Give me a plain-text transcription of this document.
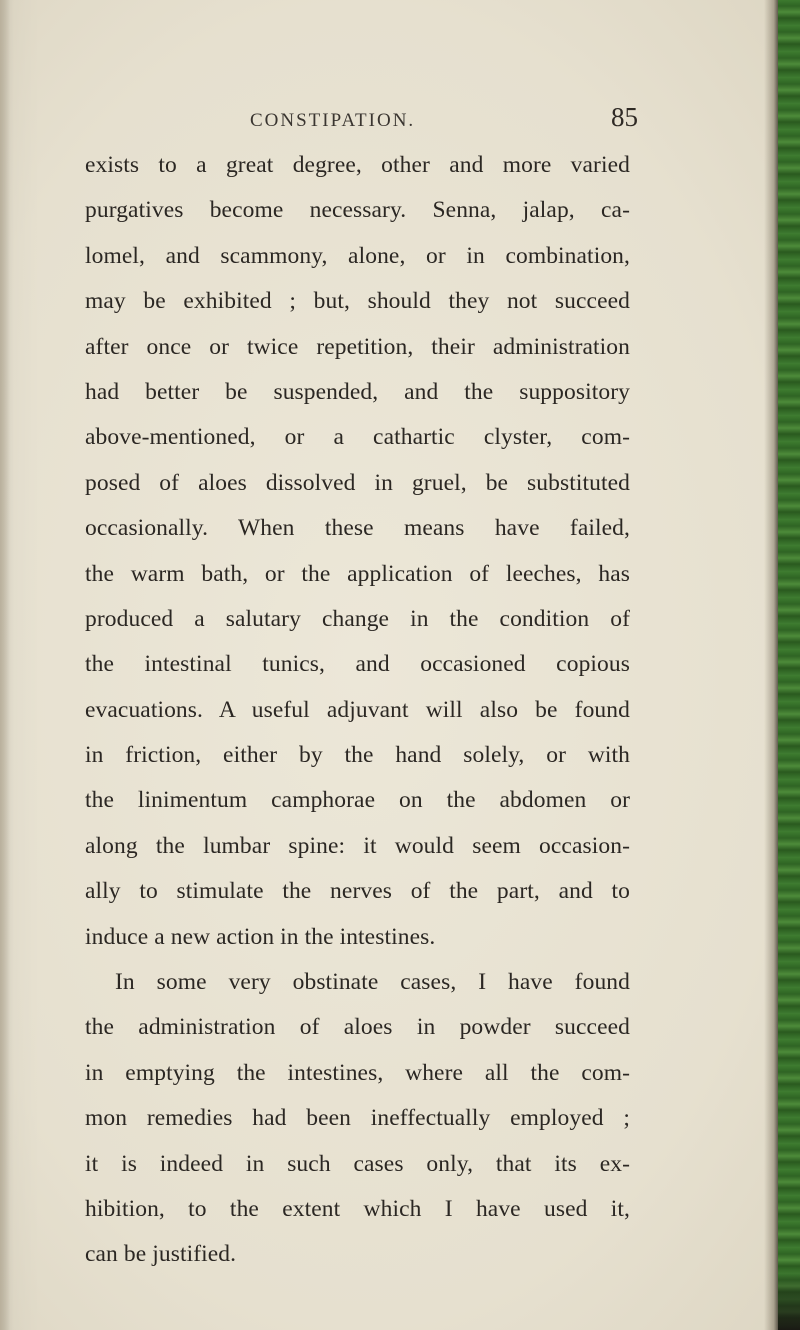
CONSTIPATION.	85
exists to a great degree, other and more varied
purgatives become necessary. Senna, jalap, ca-
lomel, and scammony, alone, or in combination,
may be exhibited ; but, should they not succeed
after once or twice repetition, their administration
had better be suspended, and the suppository
above-mentioned, or a cathartic clyster, com-
posed of aloes dissolved in gruel, be substituted
occasionally. When these means have failed,
the warm bath, or the application of leeches, has
produced a salutary change in the condition of
the intestinal tunics, and occasioned copious
evacuations. A useful adjuvant will also be found
in friction, either by the hand solely, or with
the linimentum camphorae on the abdomen or
along the lumbar spine: it would seem occasion-
ally to stimulate the nerves of the part, and to
induce a new action in the intestines.
In some very obstinate cases, I have found
the administration of aloes in powder succeed
in emptying the intestines, where all the com-
mon remedies had been ineffectually employed ;
it is indeed in such cases only, that its ex-
hibition, to the extent which I have used it,
can be justified.
